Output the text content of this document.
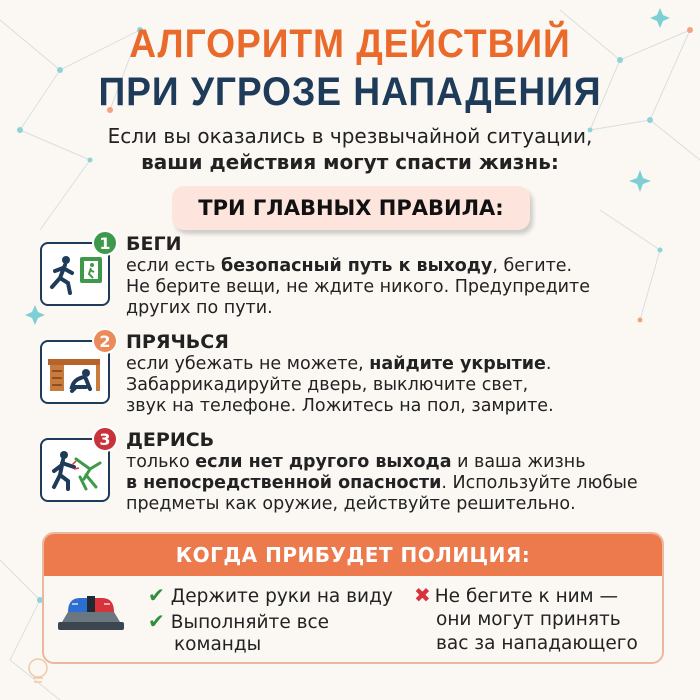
АЛГОРИТМ ДЕЙСТВИЙ
ПРИ УГРОЗЕ НАПАДЕНИЯ
Если вы оказались в чрезвычайной ситуации,
ваши действия могут спасти жизнь:
ТРИ ГЛАВНЫХ ПРАВИЛА:
1 БЕГИ
если есть безопасный путь к выходу, бегите.
Не берите вещи, не ждите никого. Предупредите
других по пути.
2 ПРЯЧЬСЯ
если убежать не можете, найдите укрытие.
Забаррикадируйте дверь, выключите свет,
звук на телефоне. Ложитесь на пол, замрите.
3 ДЕРИСЬ
только если нет другого выхода и ваша жизнь
в непосредственной опасности. Используйте любые
предметы как оружие, действуйте решительно.
КОГДА ПРИБУДЕТ ПОЛИЦИЯ:
✔ Держите руки на виду
✔ Выполняйте все
команды
✖ Не бегите к ним —
они могут принять
вас за нападающего
